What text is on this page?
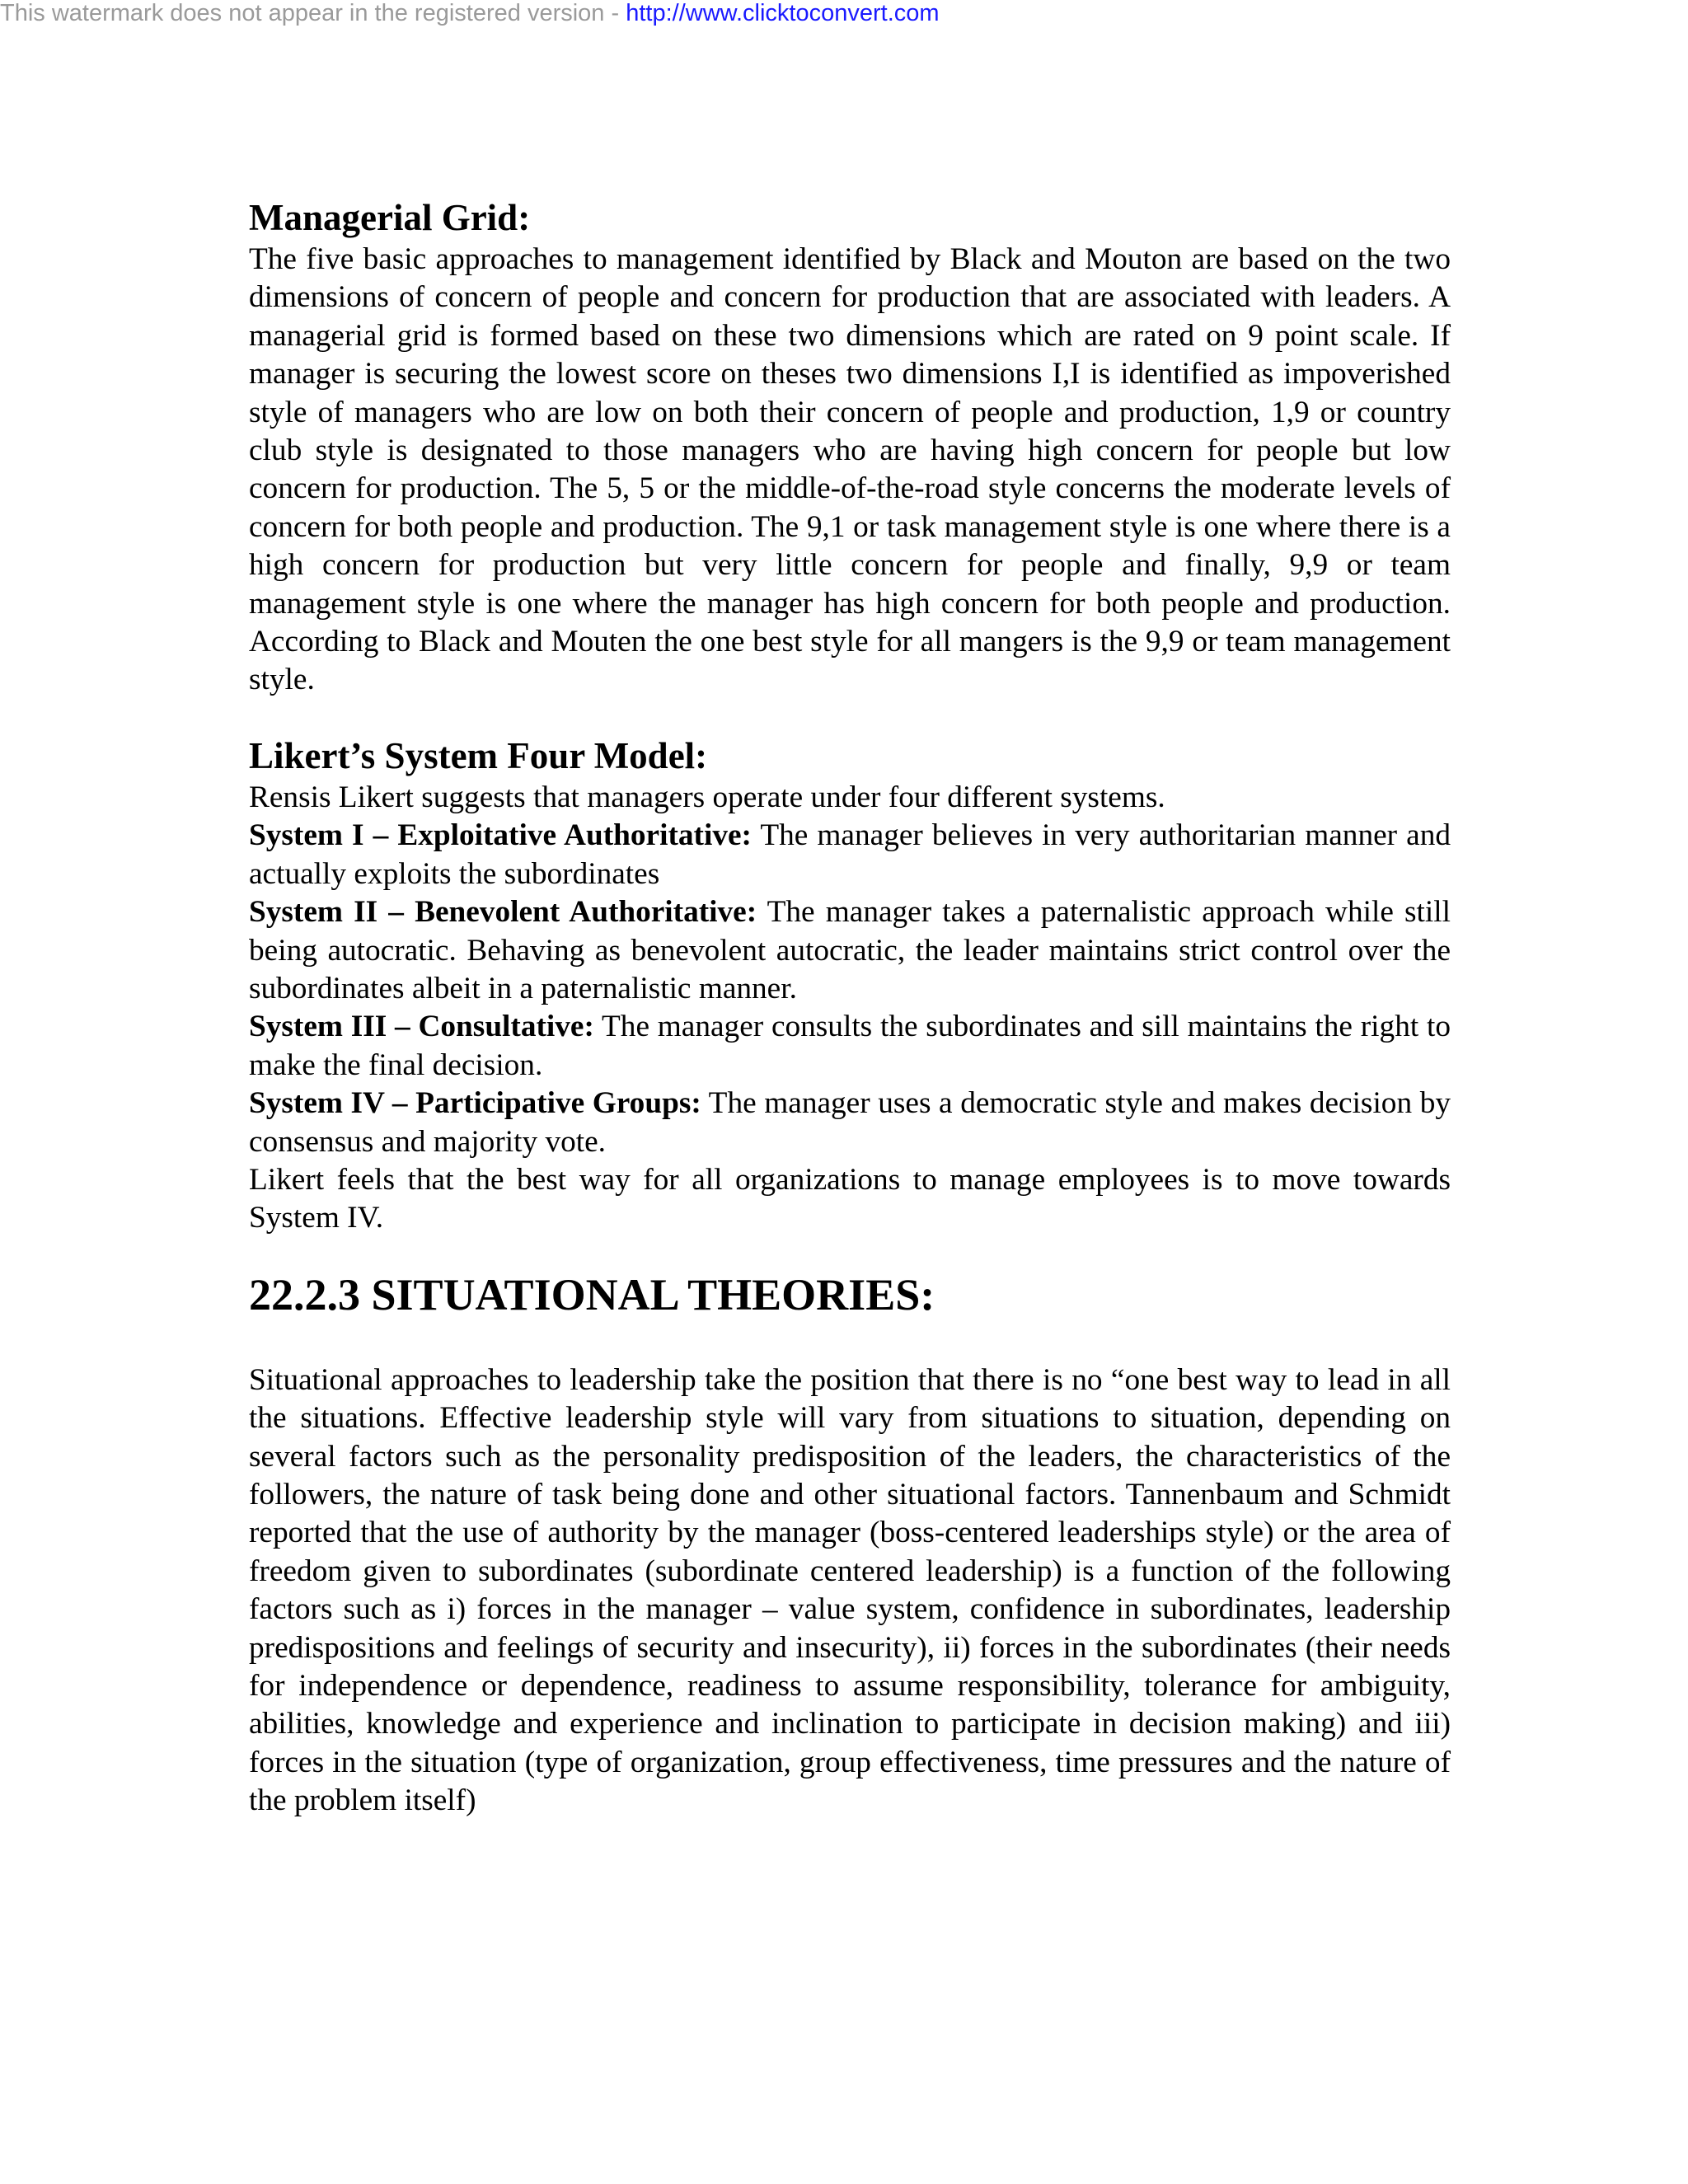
This watermark does not appear in the registered version - http://www.clicktoconvert.com
Managerial Grid:

The five basic approaches to management identified by Black and Mouton are based on the two dimensions of concern of people and concern for production that are associated with leaders. A managerial grid is formed based on these two dimensions which are rated on 9 point scale. If manager is securing the lowest score on theses two dimensions I,I is identified as impoverished style of managers who are low on both their concern of people and production, 1,9 or country club style is designated to those managers who are having high concern for people but low concern for production. The 5, 5 or the middle-of-the-road style concerns the moderate levels of concern for both people and production. The 9,1 or task management style is one where there is a high concern for production but very little concern for people and finally, 9,9 or team management style is one where the manager has high concern for both people and production. According to Black and Mouten the one best style for all mangers is the 9,9 or team management style.

Likert’s System Four Model:

Rensis Likert suggests that managers operate under four different systems.

System I – Exploitative Authoritative: The manager believes in very authoritarian manner and actually exploits the subordinates

System II – Benevolent Authoritative: The manager takes a paternalistic approach while still being autocratic. Behaving as benevolent autocratic, the leader maintains strict control over the subordinates albeit in a paternalistic manner.

System III – Consultative: The manager consults the subordinates and sill maintains the right to make the final decision.

System IV – Participative Groups: The manager uses a democratic style and makes decision by consensus and majority vote.

Likert feels that the best way for all organizations to manage employees is to move towards System IV.

22.2.3 SITUATIONAL THEORIES:

Situational approaches to leadership take the position that there is no “one best way to lead in all the situations. Effective leadership style will vary from situations to situation, depending on several factors such as the personality predisposition of the leaders, the characteristics of the followers, the nature of task being done and other situational factors. Tannenbaum and Schmidt reported that the use of authority by the manager (boss-centered leaderships style) or the area of freedom given to subordinates (subordinate centered leadership) is a function of the following factors such as i) forces in the manager – value system, confidence in subordinates, leadership predispositions and feelings of security and insecurity), ii) forces in the subordinates (their needs for independence or dependence, readiness to assume responsibility, tolerance for ambiguity, abilities, knowledge and experience and inclination to participate in decision making) and iii) forces in the situation (type of organization, group effectiveness, time pressures and the nature of the problem itself)
